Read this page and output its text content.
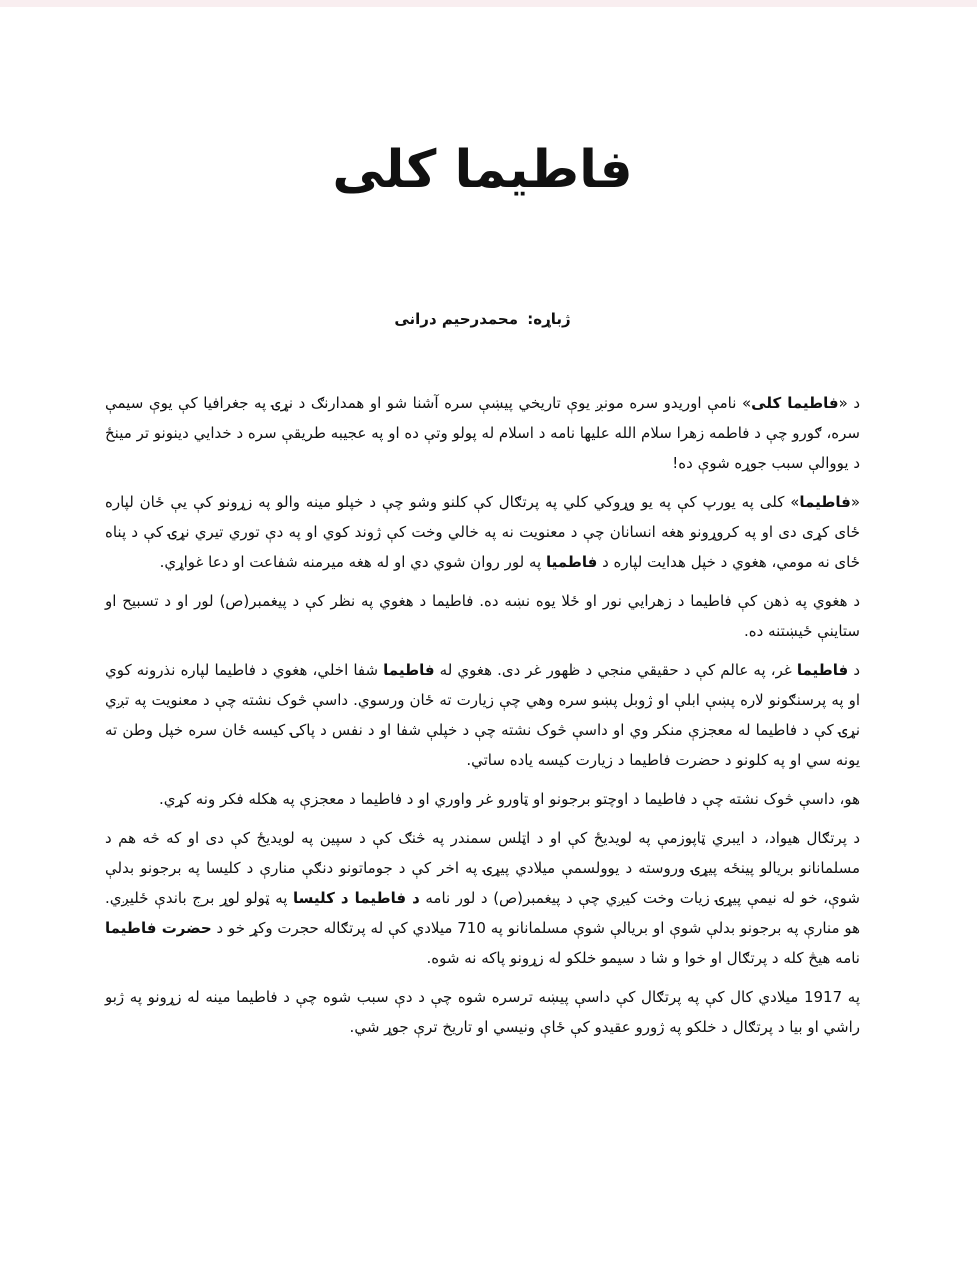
فاطیما کلی
ژباړه: محمدرحیم درانی

د «فاطیما کلی» نامې اوریدو سره مونږ یوې تاریخي پیښې سره آشنا شو او همدارنګ د نړۍ په جغرافیا کې یوې سیمې سره، ګورو چې د فاطمه زهرا سلام الله علیها نامه د اسلام له پولو وتې ده او په عجیبه طریقې سره د خدایي دینونو تر مینځ د یووالې سبب جوړه شوې ده!

«فاطیما» کلی په یورپ کې په یو وړوکي کلي په پرتګال کې کلنو وشو چې د خپلو مینه والو په زړونو کې یې ځان لپاره ځای کړی دی او په کروړونو هغه انسانان چې د معنویت نه په خالي وخت کې ژوند کوي او په دې توري تیري نړۍ کې د پناه ځای نه مومي، هغوي د خپل هدایت لپاره د فاطمیا په لور روان شوي دي او له هغه میرمنه شفاعت او دعا غواړي.

د هغوي په ذهن کې فاطیما د زهرایي نور او ځلا یوه نښه ده. فاطیما د هغوي په نظر کې د پیغمبر(ص) لور او د تسبیح او ستاینې ځیښتنه ده.

د فاطیما غر، په عالم کې د حقیقي منجي د ظهور غر دی. هغوي له فاطیما شفا اخلي، هغوي د فاطیما لپاره نذرونه کوي او په پرسنګونو لاره پښې ابلې او ژوبل پښو سره وهي چې زیارت ته ځان ورسوي. داسې څوک نشته چې د معنویت په تږي نړۍ کې د فاطیما له معجزې منکر وي او داسې څوک نشته چې د خپلې شفا او د نفس د پاکۍ کیسه ځان سره خپل وطن ته یونه سي او په کلونو د حضرت فاطیما د زیارت کیسه یاده ساتي.

هو، داسې څوک نشته چې د فاطیما د اوچتو برجونو او ټاورو غر واوري او د فاطیما د معجزې په هکله فکر ونه کړي.

د پرتګال هیواد، د ایبري ټاپوزمې په لویدیځ کې او د اټلس سمندر په څنګ کې د سپین په لویدیځ کې دی او که څه هم د مسلمانانو بریالو پینځه پیړۍ وروسته د یوولسمې میلادي پیړۍ په اخر کې د جوماتونو دنګې منارې د کلیسا په برجونو بدلې شوې، خو له نیمې پیړۍ زیات وخت کیږي چې د پیغمبر(ص) د لور نامه د فاطیما د کلیسا په ټولو لوړ برج باندې ځلیږي. هو منارې په برجونو بدلې شوې او بریالې شوې مسلمانانو په 710 میلادي کې له پرتګاله حجرت وکړ خو د حضرت فاطیما نامه هیڅ کله د پرتګال او خوا و شا د سیمو خلکو له زړونو پاکه نه شوه.

په 1917 میلادي کال کې په پرتګال کې داسې پیښه ترسره شوه چې د دې سبب شوه چې د فاطیما مینه له زړونو په ژبو راشي او بیا د پرتګال د خلکو په ژورو عقیدو کې ځاې ونیسي او تاریخ ترې جوړ شي.
